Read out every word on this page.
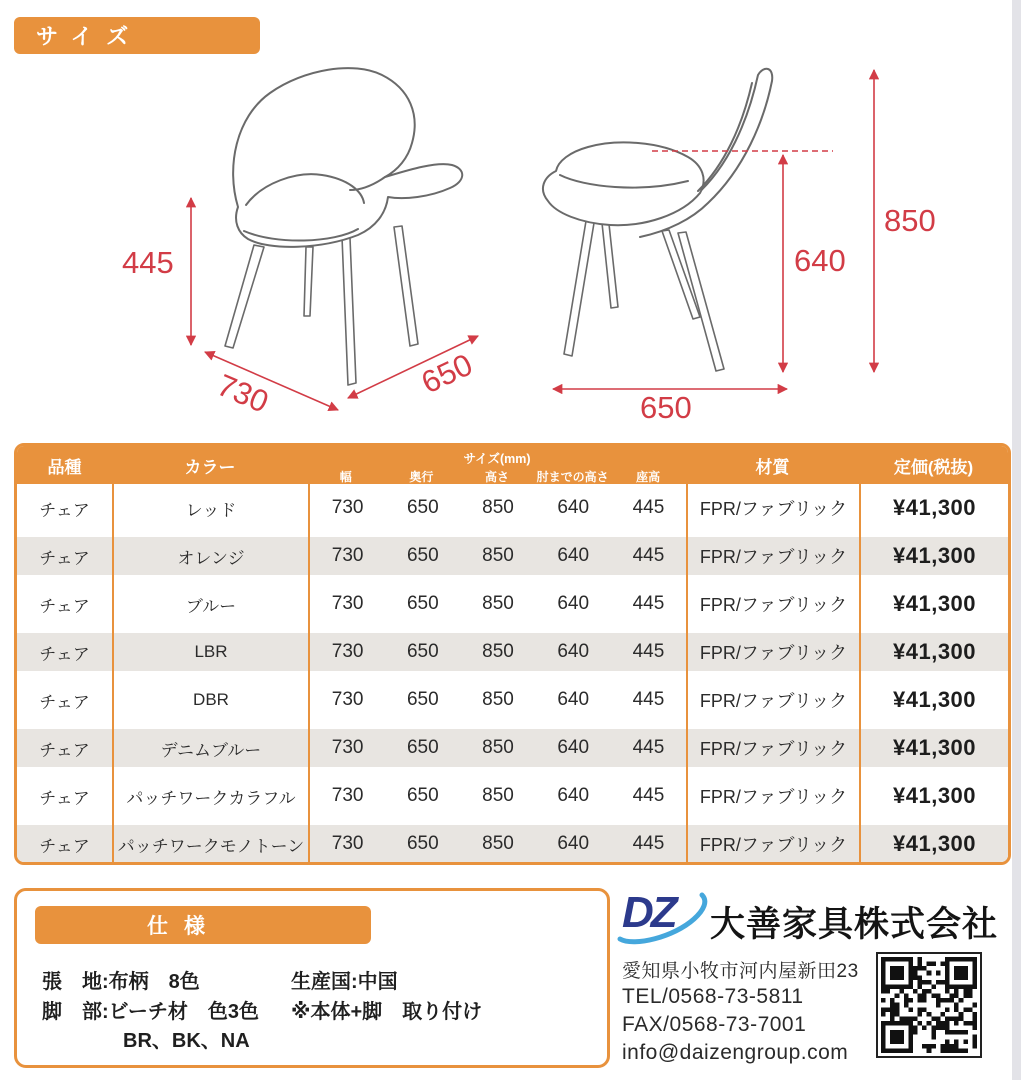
サイズ
445
730	650
640
850
650
品種	カラー	サイズ(mm)
幅	奥行	高さ	肘までの高さ	座高
材質	定価(税抜)
チェア	レッド	730	650	850	640	445	FPR/ファブリック	¥41,300
チェア	オレンジ	730	650	850	640	445	FPR/ファブリック	¥41,300
チェア	ブルー	730	650	850	640	445	FPR/ファブリック	¥41,300
チェア	LBR	730	650	850	640	445	FPR/ファブリック	¥41,300
チェア	DBR	730	650	850	640	445	FPR/ファブリック	¥41,300
チェア	デニムブルー	730	650	850	640	445	FPR/ファブリック	¥41,300
チェア	パッチワークカラフル	730	650	850	640	445	FPR/ファブリック	¥41,300
チェア	パッチワークモノトーン	730	650	850	640	445	FPR/ファブリック	¥41,300
仕様
張　地:布柄　8色
脚　部:ビーチ材　色3色
BR、BK、NA
生産国:中国
※本体+脚　取り付け
DZ 大善家具株式会社
愛知県小牧市河内屋新田23
TEL/0568-73-5811
FAX/0568-73-7001
info@daizengroup.com
